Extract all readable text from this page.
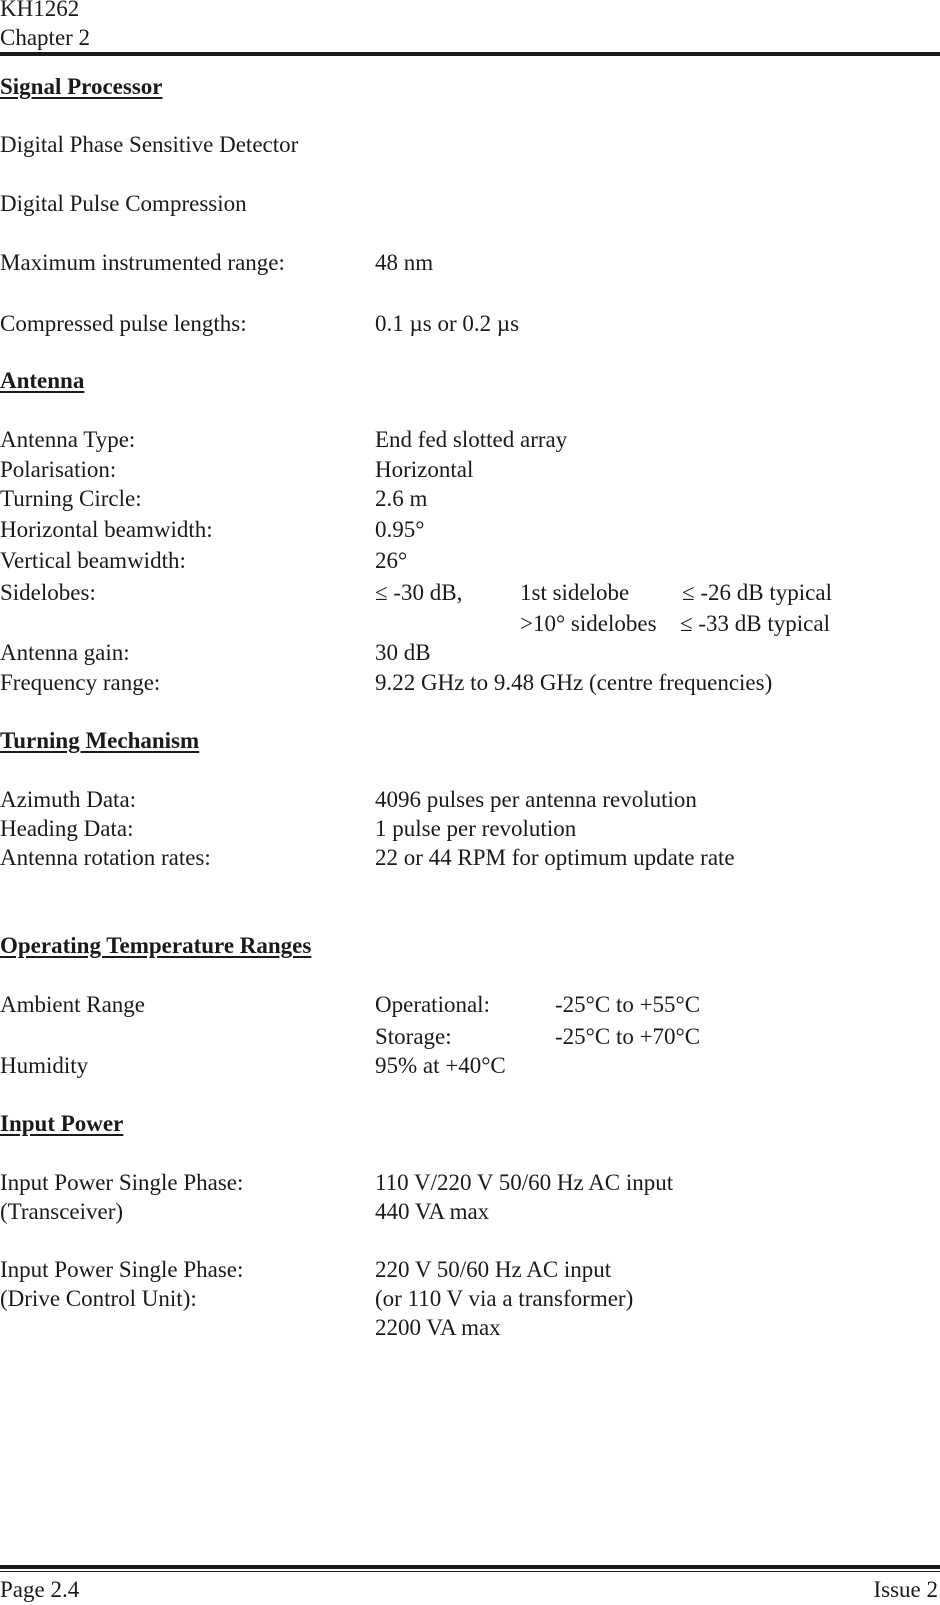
KH1262
Chapter 2
Signal Processor
Digital Phase Sensitive Detector
Digital Pulse Compression
Maximum instrumented range:	48 nm
Compressed pulse lengths:	0.1 µs or 0.2 µs
Antenna
Antenna Type:	End fed slotted array
Polarisation:	Horizontal
Turning Circle:	2.6 m
Horizontal beamwidth:	0.95°
Vertical beamwidth:	26°
Sidelobes:	≤ -30 dB,	1st sidelobe ≤ -26 dB typical
>10° sidelobes ≤ -33 dB typical
Antenna gain:	30 dB
Frequency range:	9.22 GHz to 9.48 GHz (centre frequencies)
Turning Mechanism
Azimuth Data:	4096 pulses per antenna revolution
Heading Data:	1 pulse per revolution
Antenna rotation rates:	22 or 44 RPM for optimum update rate
Operating Temperature Ranges
Ambient Range	Operational:	-25°C to +55°C
Storage:	-25°C to +70°C
Humidity	95% at +40°C
Input Power
Input Power Single Phase:	110 V/220 V 50/60 Hz AC input
(Transceiver)	440 VA max
Input Power Single Phase:	220 V 50/60 Hz AC input
(Drive Control Unit):	(or 110 V via a transformer)
2200 VA max
Page 2.4	Issue 2
